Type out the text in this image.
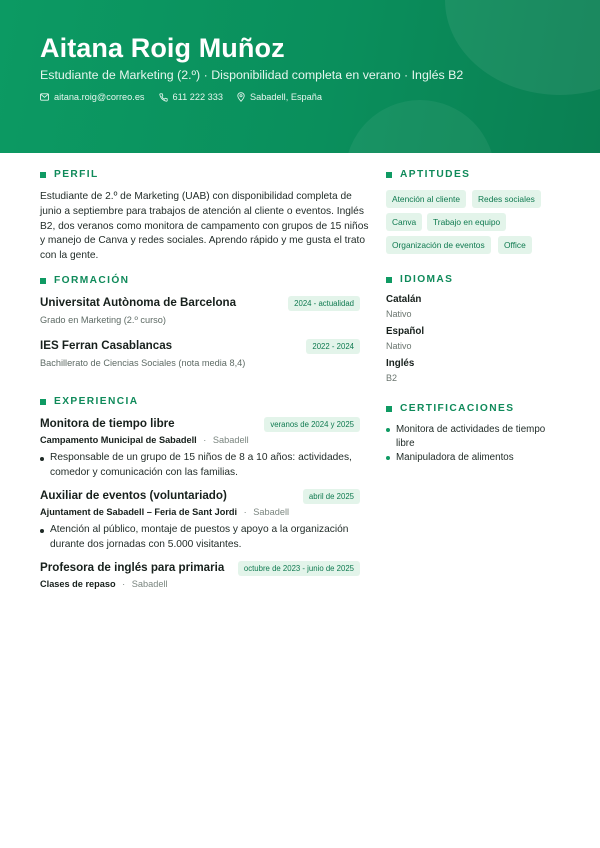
Aitana Roig Muñoz
Estudiante de Marketing (2.º) · Disponibilidad completa en verano · Inglés B2
aitana.roig@correo.es	611 222 333	Sabadell, España
PERFIL
Estudiante de 2.º de Marketing (UAB) con disponibilidad completa de
junio a septiembre para trabajos de atención al cliente o eventos. Inglés
B2, dos veranos como monitora de campamento con grupos de 15 niños
y manejo de Canva y redes sociales. Aprendo rápido y me gusta el trato
con la gente.
FORMACIÓN
Universitat Autònoma de Barcelona	2024 - actualidad
Grado en Marketing (2.º curso)
IES Ferran Casablancas	2022 - 2024
Bachillerato de Ciencias Sociales (nota media 8,4)
EXPERIENCIA
Monitora de tiempo libre	veranos de 2024 y 2025
Campamento Municipal de Sabadell · Sabadell
Responsable de un grupo de 15 niños de 8 a 10 años: actividades,
comedor y comunicación con las familias.
Auxiliar de eventos (voluntariado)	abril de 2025
Ajuntament de Sabadell – Feria de Sant Jordi · Sabadell
Atención al público, montaje de puestos y apoyo a la organización
durante dos jornadas con 5.000 visitantes.
Profesora de inglés para primaria	octubre de 2023 - junio de 2025
Clases de repaso · Sabadell
APTITUDES
Atención al cliente	Redes sociales
Canva	Trabajo en equipo
Organización de eventos	Office
IDIOMAS
Catalán
Nativo
Español
Nativo
Inglés
B2
CERTIFICACIONES
Monitora de actividades de tiempo
libre
Manipuladora de alimentos
